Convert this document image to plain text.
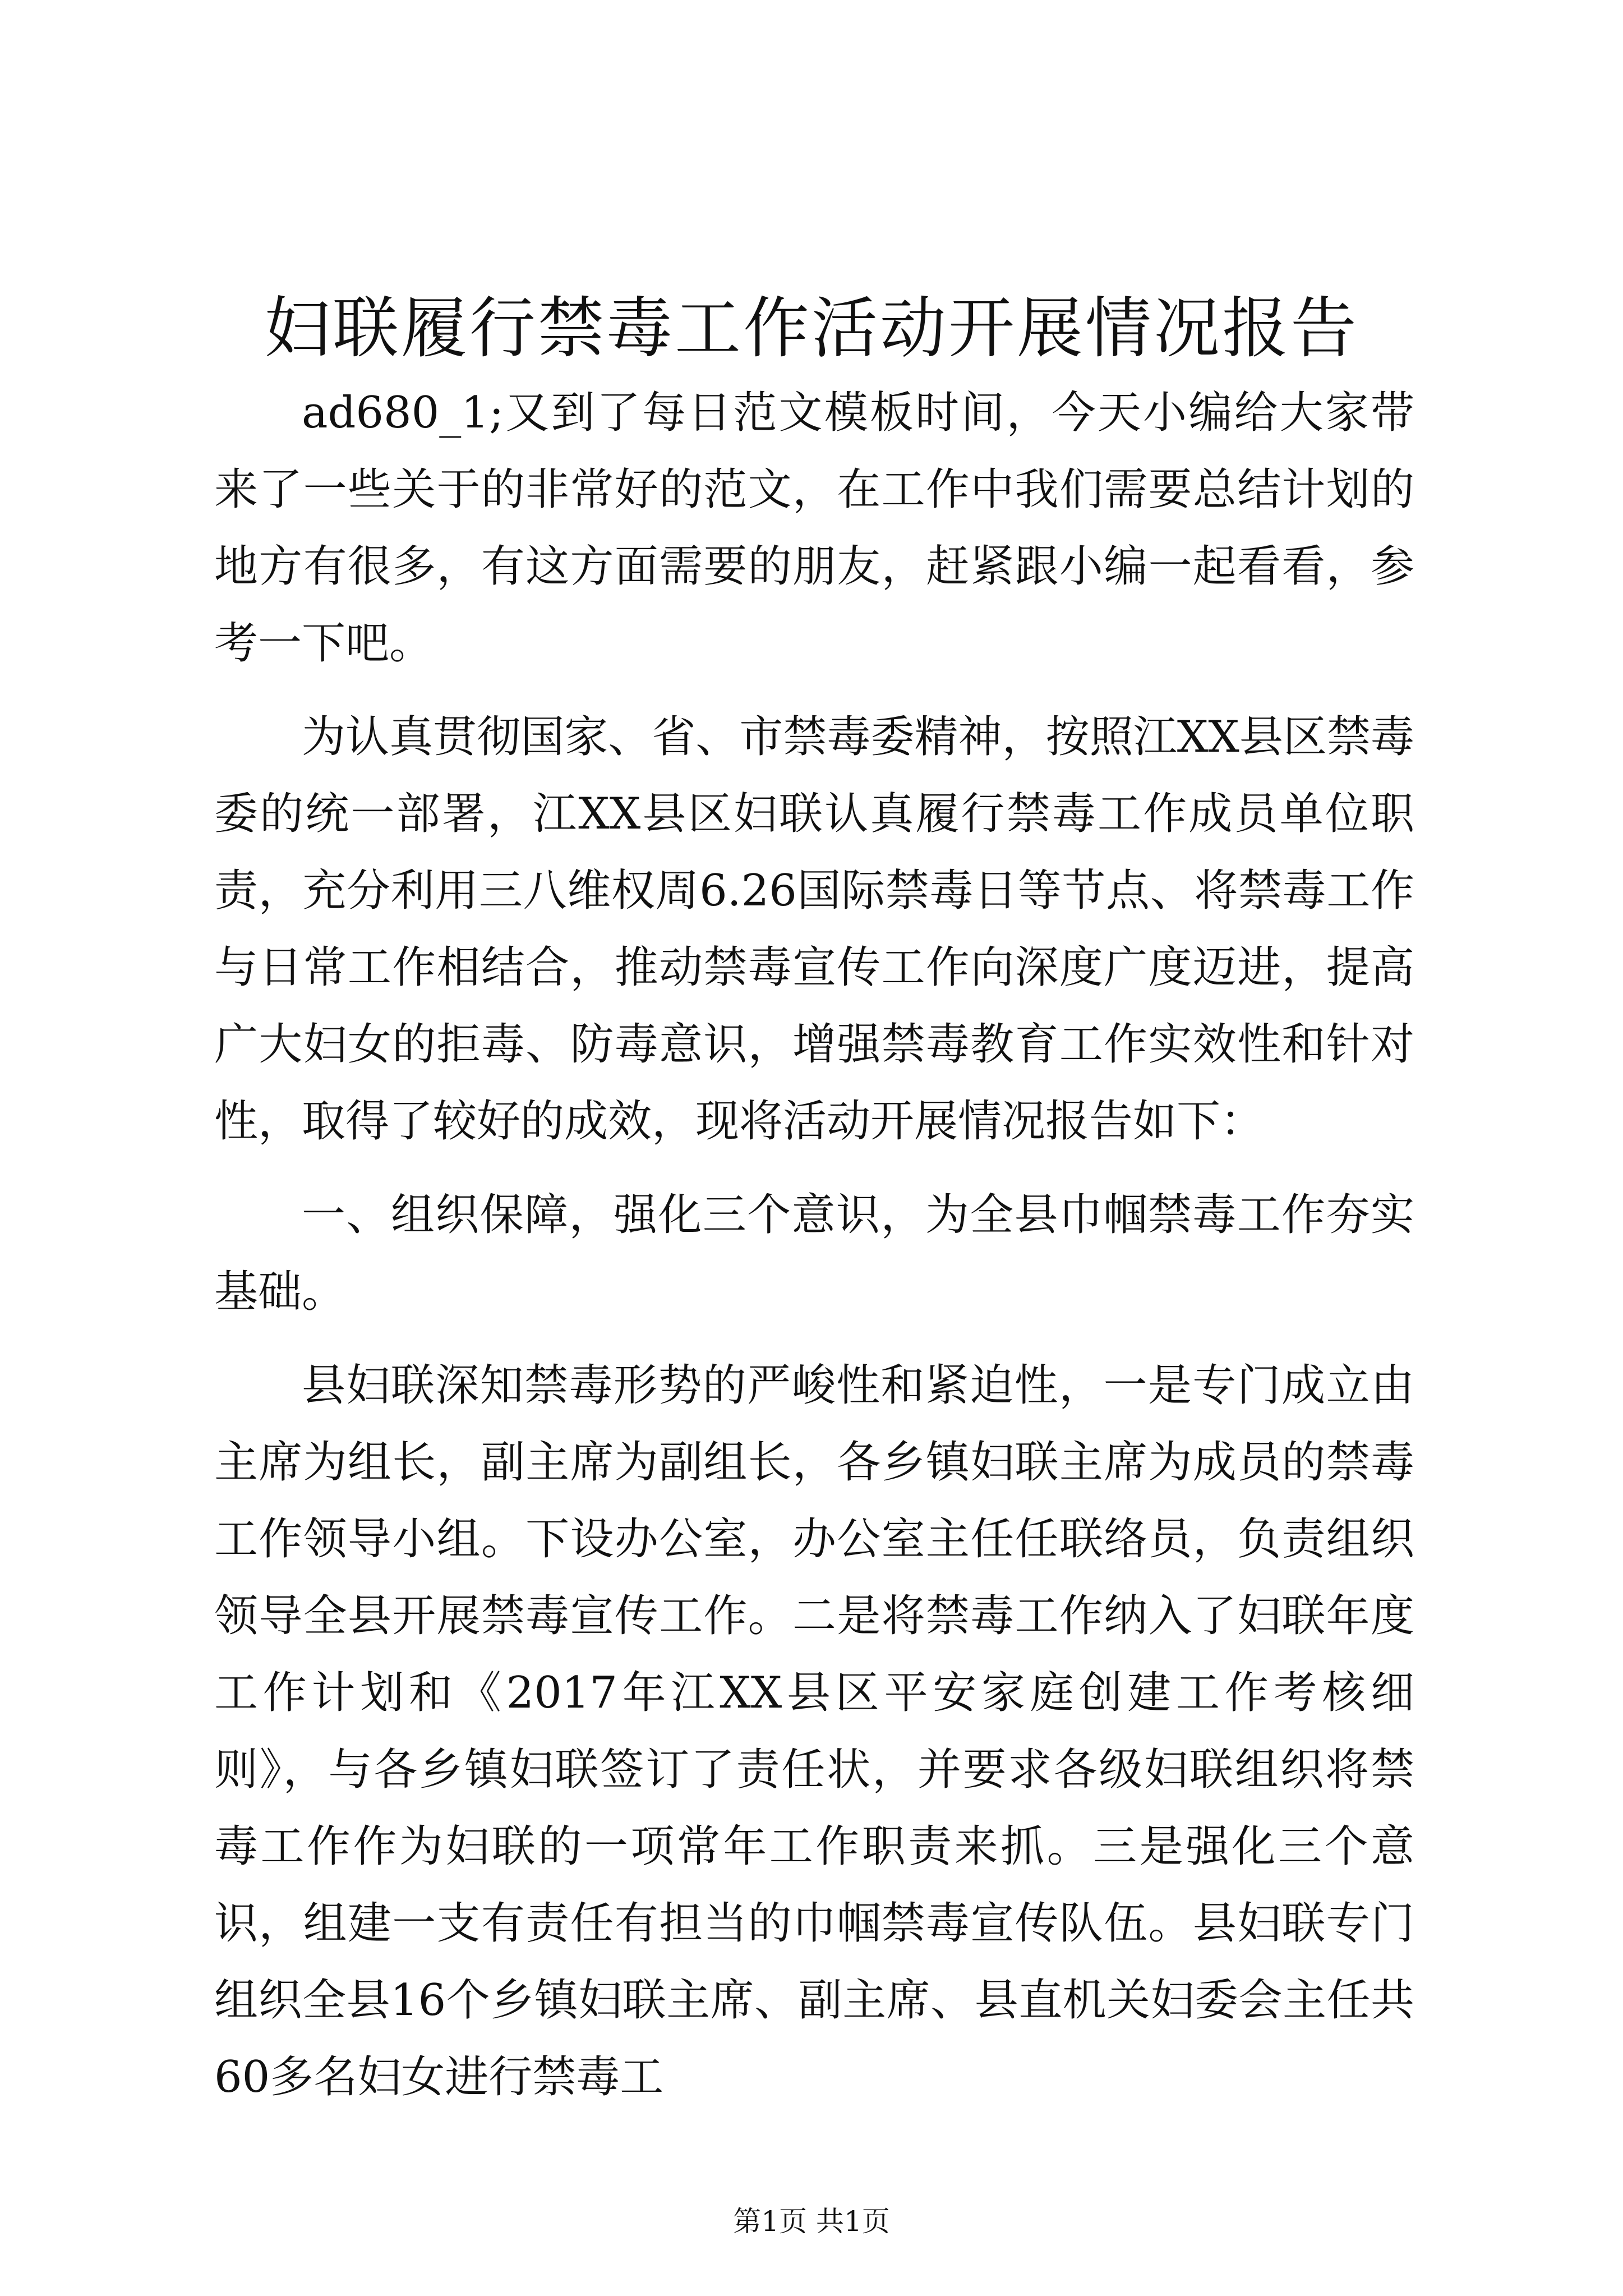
妇联履行禁毒工作活动开展情况报告

ad680_1;又到了每日范文模板时间，今天小编给大家带来了一些关于的非常好的范文，在工作中我们需要总结计划的地方有很多，有这方面需要的朋友，赶紧跟小编一起看看，参考一下吧。

为认真贯彻国家、省、市禁毒委精神，按照江XX县区禁毒委的统一部署，江XX县区妇联认真履行禁毒工作成员单位职责，充分利用三八维权周6.26国际禁毒日等节点、将禁毒工作与日常工作相结合，推动禁毒宣传工作向深度广度迈进，提高广大妇女的拒毒、防毒意识，增强禁毒教育工作实效性和针对性，取得了较好的成效，现将活动开展情况报告如下：

一、组织保障，强化三个意识，为全县巾帼禁毒工作夯实基础。

县妇联深知禁毒形势的严峻性和紧迫性，一是专门成立由主席为组长，副主席为副组长，各乡镇妇联主席为成员的禁毒工作领导小组。下设办公室，办公室主任任联络员，负责组织领导全县开展禁毒宣传工作。二是将禁毒工作纳入了妇联年度工作计划和《2017年江XX县区平安家庭创建工作考核细则》，与各乡镇妇联签订了责任状，并要求各级妇联组织将禁毒工作作为妇联的一项常年工作职责来抓。三是强化三个意识，组建一支有责任有担当的巾帼禁毒宣传队伍。县妇联专门组织全县16个乡镇妇联主席、副主席、县直机关妇委会主任共60多名妇女进行禁毒工

第1页 共1页
